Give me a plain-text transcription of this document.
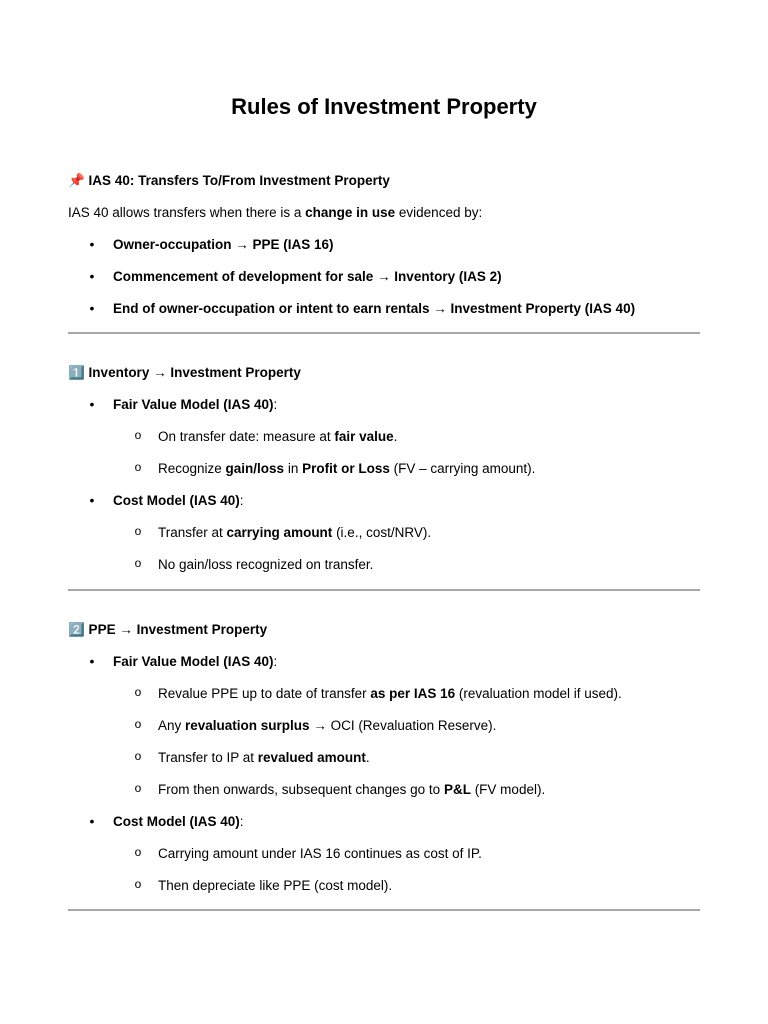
Rules of Investment Property
📌 IAS 40: Transfers To/From Investment Property
IAS 40 allows transfers when there is a change in use evidenced by:
• Owner-occupation → PPE (IAS 16)
• Commencement of development for sale → Inventory (IAS 2)
• End of owner-occupation or intent to earn rentals → Investment Property (IAS 40)
1️⃣ Inventory → Investment Property
• Fair Value Model (IAS 40):
o On transfer date: measure at fair value.
o Recognize gain/loss in Profit or Loss (FV – carrying amount).
• Cost Model (IAS 40):
o Transfer at carrying amount (i.e., cost/NRV).
o No gain/loss recognized on transfer.
2️⃣ PPE → Investment Property
• Fair Value Model (IAS 40):
o Revalue PPE up to date of transfer as per IAS 16 (revaluation model if used).
o Any revaluation surplus → OCI (Revaluation Reserve).
o Transfer to IP at revalued amount.
o From then onwards, subsequent changes go to P&L (FV model).
• Cost Model (IAS 40):
o Carrying amount under IAS 16 continues as cost of IP.
o Then depreciate like PPE (cost model).
